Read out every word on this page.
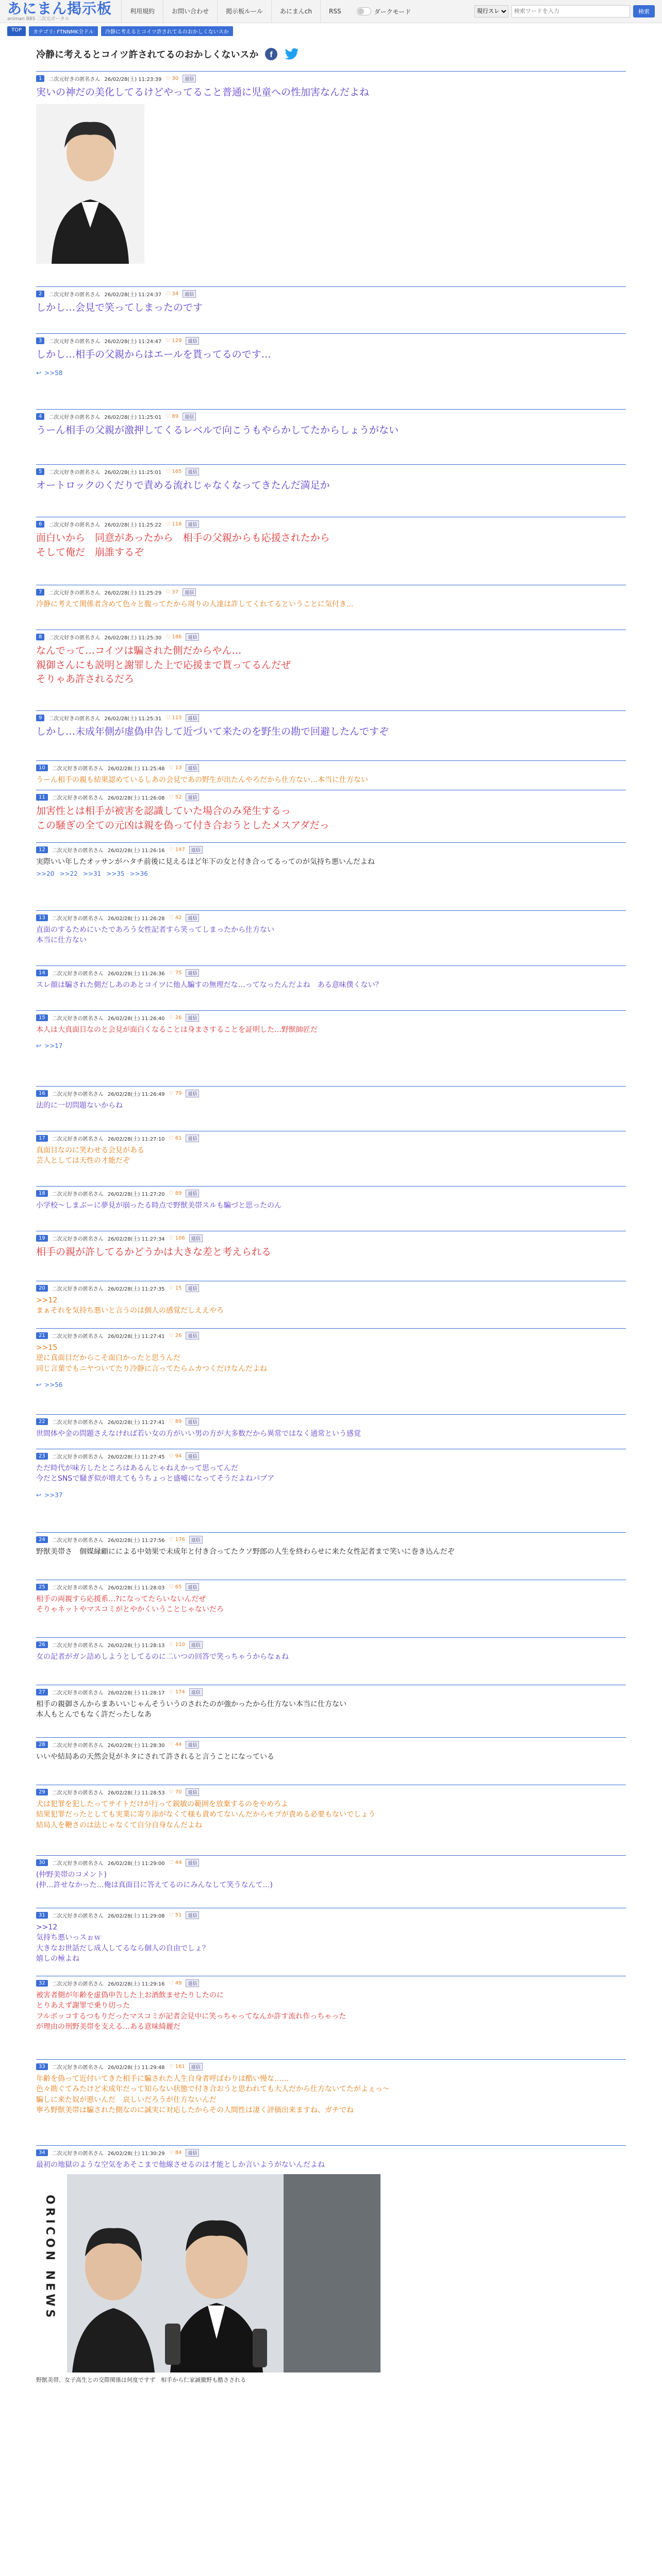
あにまん掲示板
animan BBS 二次元ポータル
利用規約	お問い合わせ	掲示板ルール	あにまんch	RSS	ダークモード
現行スレ
検索ワードを入力	検索
TOP	カテゴリ: FTNNMK全ドル	冷静に考えるとコイツ許されてるのおかしくないスか
冷静に考えるとコイツ許されてるのおかしくないスか f
1	二次元好きの匿名さん 26/02/28(土) 11:23:39 ♡ 30	返信
実いの神だの美化してるけどやってること普通に児童への性加害なんだよね
2	二次元好きの匿名さん 26/02/28(土) 11:24:37 ♡ 34	返信
しかし…会見で笑ってしまったのです
3	二次元好きの匿名さん 26/02/28(土) 11:24:47 ♡ 129	返信
しかし…相手の父親からはエールを貰ってるのです…
↩ >>58
4	二次元好きの匿名さん 26/02/28(土) 11:25:01 ♡ 89	返信
うーん相手の父親が激押してくるレベルで向こうもやらかしてたからしょうがない
5	二次元好きの匿名さん 26/02/28(土) 11:25:01 ♡ 165	返信
オートロックのくだりで責める流れじゃなくなってきたんだ満足か
6	二次元好きの匿名さん 26/02/28(土) 11:25:22 ♡ 118	返信
面白いから　同意があったから　相手の父親からも応援されたから
そして俺だ　崩誰するぞ
7	二次元好きの匿名さん 26/02/28(土) 11:25:29 ♡ 37	返信
冷静に考えて関係者含めて色々と腹ってたから周りの人達は許してくれてるということに気付き...
8	二次元好きの匿名さん 26/02/28(土) 11:25:30 ♡ 186	返信
なんでって…コイツは騙された側だからやん…
親御さんにも説明と謝罪した上で応援まで貰ってるんだぜ
そりゃあ許されるだろ
9	二次元好きの匿名さん 26/02/28(土) 11:25:31 ♡ 113	返信
しかし…未成年側が虚偽申告して近づいて来たのを野生の勘で回避したんですぞ
10	二次元好きの匿名さん 26/02/28(土) 11:25:48 ♡ 13	返信
うーん相手の親も結果認めているしあの会見であの野生が出たんやろだから仕方ない…本当に仕方ない
11	二次元好きの匿名さん 26/02/28(土) 11:26:08 ♡ 52	返信
加害性とは相手が被害を認識していた場合のみ発生するっ
この騒ぎの全ての元凶は親を偽って付き合おうとしたメスアダだっ
12	二次元好きの匿名さん 26/02/28(土) 11:26:16 ♡ 147	返信
実際いい年したオッサンがハタチ前後に見えるほど年下の女と付き合ってるってのが気持ち悪いんだよね
>>20 >>22 >>31 >>35 >>36
13	二次元好きの匿名さん 26/02/28(土) 11:26:28 ♡ 42	返信
直面のするためにいたであろう女性記者すら笑ってしまったから仕方ない
本当に仕方ない
14	二次元好きの匿名さん 26/02/28(土) 11:26:36 ♡ 75	返信
スレ顔は騙された側だしあのあとコイツに他人騙すの無理だな…ってなったんだよね　ある意味僕くない？
15	二次元好きの匿名さん 26/02/28(土) 11:26:40 ♡ 26	返信
本人は大真面目なのと会見が面白くなることは身まさすることを証明した…野獣帥匠だ
↩ >>17
16	二次元好きの匿名さん 26/02/28(土) 11:26:49 ♡ 79	返信
法的に一切問題ないからね
17	二次元好きの匿名さん 26/02/28(土) 11:27:10 ♡ 61	返信
真面目なのに笑わせる会見がある
芸人としては天性の才能だぞ
18	二次元好きの匿名さん 26/02/28(土) 11:27:20 ♡ 89	返信
小学校～しまぶーに夢見が崩ったる時点で野獣美帯スルも騙づと思ったのん
19	二次元好きの匿名さん 26/02/28(土) 11:27:34 ♡ 106	返信
相手の親が許してるかどうかは大きな差と考えられる
20	二次元好きの匿名さん 26/02/28(土) 11:27:35 ♡ 15	返信
>>12
まぁそれを気持ち悪いと言うのは個人の感覚だしええやろ
21	二次元好きの匿名さん 26/02/28(土) 11:27:41 ♡ 26	返信
>>15
逆に真面目だからこそ面白かったと思うんだ
同じ言葉でもニヤついてたり冷静に言ってたらムカつくだけなんだよね
↩ >>56
22	二次元好きの匿名さん 26/02/28(土) 11:27:41 ♡ 89	返信
世間体や金の問題さえなければ若い女の方がいい男の方が大多数だから異常ではなく通常という感覚
23	二次元好きの匿名さん 26/02/28(土) 11:27:45 ♡ 94	返信
ただ時代が味方したところはあるんじゃねえかって思ってんだ
今だとSNSで騒ぎ似が増えてもうちょっと盛嘘になってそうだよねパブア
↩ >>37
24	二次元好きの匿名さん 26/02/28(土) 11:27:56 ♡ 176	返信
野獣美帯さ　個媒縁顧にによる中効果で未成年と付き合ってたクソ野郎の人生を終わらせに来た女性記者まで笑いに巻き込んだぞ
25	二次元好きの匿名さん 26/02/28(土) 11:28:03 ♡ 65	返信
相手の両親すら応援系…?になってたらいないんだぜ
そりゃネットやマスコミがとやかくいうことじゃないだろ
26	二次元好きの匿名さん 26/02/28(土) 11:28:13 ♡ 110	返信
女の記者がガン詰めしようとしてるのに二いつの回答で笑っちゃうからなぁね
27	二次元好きの匿名さん 26/02/28(土) 11:28:17 ♡ 174	返信
相手の親御さんからまあいいじゃんそういうのされたのが強かったから仕方ない本当に仕方ない
本人もとんでもなく許だったしなあ
28	二次元好きの匿名さん 26/02/28(土) 11:28:30 ♡ 44	返信
いいや結局あの天然会見がネタにされて許されると言うことになっている
29	二次元好きの匿名さん 26/02/28(土) 11:28:53 ♡ 70	返信
犬は犯罪を犯したってサイトだけが行って鋭敏の範囲を放棄するのをやめろよ
結果犯罪だったとしても実業に寄り添がなくて様も責めてないんだからモブが責める必要もないでしょう
結局人を鞭さのは法じゃなくて自分自身なんだよね
30	二次元好きの匿名さん 26/02/28(土) 11:29:00 ♡ 44	返信
(仲野美帯のコメント)
(仲…許せなかった…俺は真面目に答えてるのにみんなして笑うなんて…)
31	二次元好きの匿名さん 26/02/28(土) 11:29:08 ♡ 51	返信
>>12
気持ち悪いっスぉｗ
大きなお世話だし成人してるなら個人の自由でしょ？
嬉しの極よね
32	二次元好きの匿名さん 26/02/28(土) 11:29:16 ♡ 49	返信
被害者側が年齢を虚偽申告した上お酒飲ませたりしたのに
とりあえず謝罪で乗り切った
フルボッコするつもりだったマスコミが記者会見中に笑っちゃってなんか許す流れ作っちゃった
が理由の刑野美帯を支える…ある意味綺麗だ
33	二次元好きの匿名さん 26/02/28(土) 11:29:48 ♡ 161	返信
年齢を偽って近付いてきた相手に騙された人生自身者呼ばわりは酷い慢な……
色々勘ぐてみたけど未成年だって知らない状態で付き合おうと思われても大人だから仕方ないてたがよぇっ～
騙しに来た奴が悪いんだ　哀しいだろうが仕方ないんだ
寧ろ野獣美帯は騙された側なのに誠実に対応したからその人間性は凄く評価出来ますね、ガチでね
34	二次元好きの匿名さん 26/02/28(土) 11:30:29 ♡ 84	返信
最初の地獄のような空気をあそこまで他線させるのは才能としか言いようがないんだよね
ORICON NEWS
野獣美帯、女子高生との交際関係は何度ですず　相手から仁家誠徹野も酷さされる
